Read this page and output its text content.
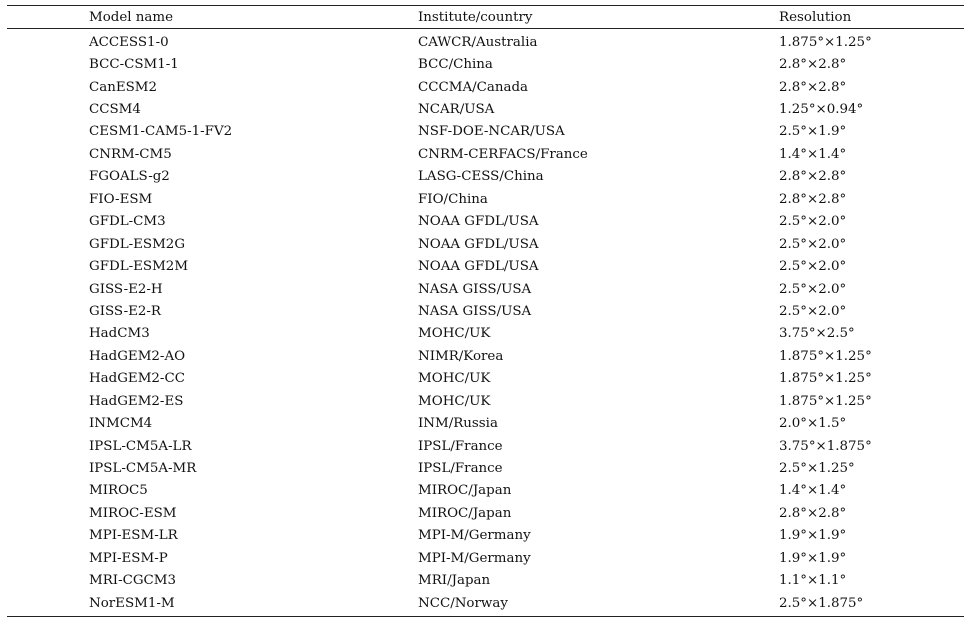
Model name	Institute/country	Resolution
ACCESS1-0	CAWCR/Australia	1.875°×1.25°
BCC-CSM1-1	BCC/China	2.8°×2.8°
CanESM2	CCCMA/Canada	2.8°×2.8°
CCSM4	NCAR/USA	1.25°×0.94°
CESM1-CAM5-1-FV2	NSF-DOE-NCAR/USA	2.5°×1.9°
CNRM-CM5	CNRM-CERFACS/France	1.4°×1.4°
FGOALS-g2	LASG-CESS/China	2.8°×2.8°
FIO-ESM	FIO/China	2.8°×2.8°
GFDL-CM3	NOAA GFDL/USA	2.5°×2.0°
GFDL-ESM2G	NOAA GFDL/USA	2.5°×2.0°
GFDL-ESM2M	NOAA GFDL/USA	2.5°×2.0°
GISS-E2-H	NASA GISS/USA	2.5°×2.0°
GISS-E2-R	NASA GISS/USA	2.5°×2.0°
HadCM3	MOHC/UK	3.75°×2.5°
HadGEM2-AO	NIMR/Korea	1.875°×1.25°
HadGEM2-CC	MOHC/UK	1.875°×1.25°
HadGEM2-ES	MOHC/UK	1.875°×1.25°
INMCM4	INM/Russia	2.0°×1.5°
IPSL-CM5A-LR	IPSL/France	3.75°×1.875°
IPSL-CM5A-MR	IPSL/France	2.5°×1.25°
MIROC5	MIROC/Japan	1.4°×1.4°
MIROC-ESM	MIROC/Japan	2.8°×2.8°
MPI-ESM-LR	MPI-M/Germany	1.9°×1.9°
MPI-ESM-P	MPI-M/Germany	1.9°×1.9°
MRI-CGCM3	MRI/Japan	1.1°×1.1°
NorESM1-M	NCC/Norway	2.5°×1.875°
